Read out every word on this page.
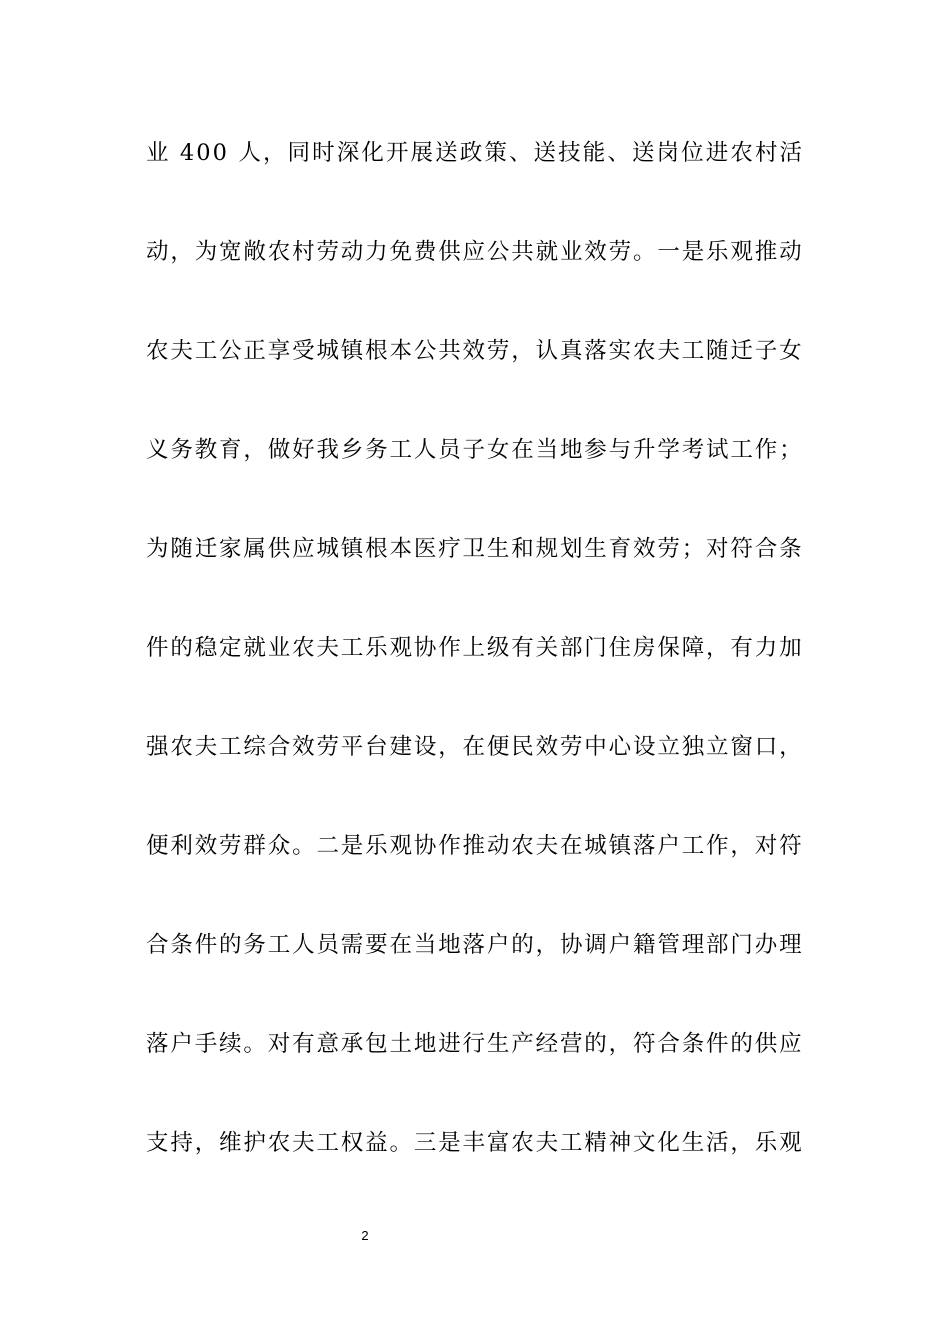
业 400 人，同时深化开展送政策、送技能、送岗位进农村活
动，为宽敞农村劳动力免费供应公共就业效劳。一是乐观推动
农夫工公正享受城镇根本公共效劳，认真落实农夫工随迁子女
义务教育，做好我乡务工人员子女在当地参与升学考试工作；
为随迁家属供应城镇根本医疗卫生和规划生育效劳；对符合条
件的稳定就业农夫工乐观协作上级有关部门住房保障，有力加
强农夫工综合效劳平台建设，在便民效劳中心设立独立窗口，
便利效劳群众。二是乐观协作推动农夫在城镇落户工作，对符
合条件的务工人员需要在当地落户的，协调户籍管理部门办理
落户手续。对有意承包土地进行生产经营的，符合条件的供应
支持，维护农夫工权益。三是丰富农夫工精神文化生活，乐观
2
